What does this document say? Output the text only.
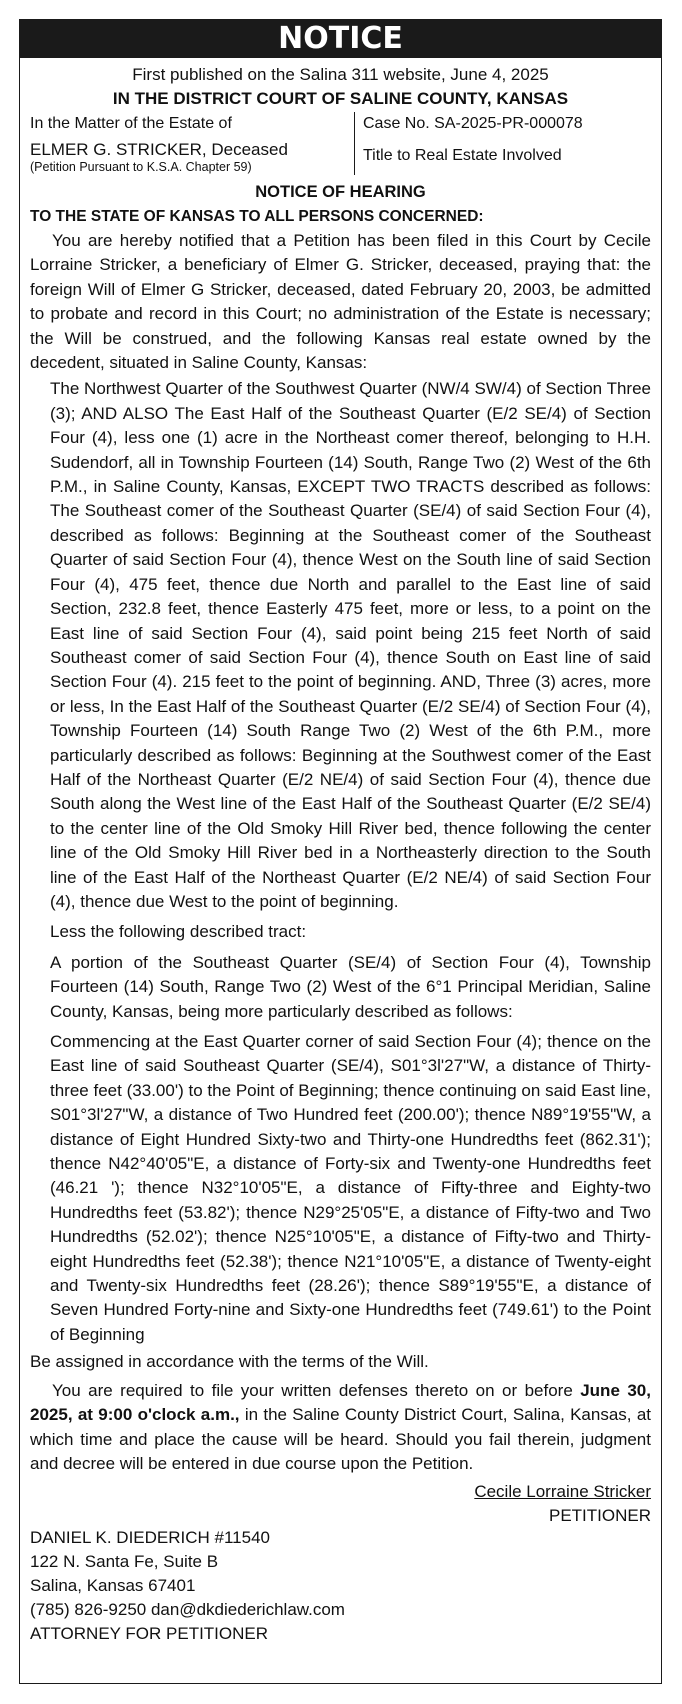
NOTICE
First published on the Salina 311 website, June 4, 2025
IN THE DISTRICT COURT OF SALINE COUNTY, KANSAS
In the Matter of the Estate of
ELMER G. STRICKER, Deceased
(Petition Pursuant to K.S.A. Chapter 59)
Case No. SA-2025-PR-000078
Title to Real Estate Involved
NOTICE OF HEARING
TO THE STATE OF KANSAS TO ALL PERSONS CONCERNED:

You are hereby notified that a Petition has been filed in this Court by Cecile Lorraine Stricker, a beneficiary of Elmer G. Stricker, deceased, praying that: the foreign Will of Elmer G Stricker, deceased, dated February 20, 2003, be admitted to probate and record in this Court; no administration of the Estate is necessary; the Will be construed, and the following Kansas real estate owned by the decedent, situated in Saline County, Kansas:

The Northwest Quarter of the Southwest Quarter (NW/4 SW/4) of Section Three (3); AND ALSO The East Half of the Southeast Quarter (E/2 SE/4) of Section Four (4), less one (1) acre in the Northeast comer thereof, belonging to H.H. Sudendorf, all in Township Fourteen (14) South, Range Two (2) West of the 6th P.M., in Saline County, Kansas, EXCEPT TWO TRACTS described as follows: The Southeast comer of the Southeast Quarter (SE/4) of said Section Four (4), described as follows: Beginning at the Southeast comer of the Southeast Quarter of said Section Four (4), thence West on the South line of said Section Four (4), 475 feet, thence due North and parallel to the East line of said Section, 232.8 feet, thence Easterly 475 feet, more or less, to a point on the East line of said Section Four (4), said point being 215 feet North of said Southeast comer of said Section Four (4), thence South on East line of said Section Four (4). 215 feet to the point of beginning. AND, Three (3) acres, more or less, In the East Half of the Southeast Quarter (E/2 SE/4) of Section Four (4), Township Fourteen (14) South Range Two (2) West of the 6th P.M., more particularly described as follows: Beginning at the Southwest comer of the East Half of the Northeast Quarter (E/2 NE/4) of said Section Four (4), thence due South along the West line of the East Half of the Southeast Quarter (E/2 SE/4) to the center line of the Old Smoky Hill River bed, thence following the center line of the Old Smoky Hill River bed in a Northeasterly direction to the South line of the East Half of the Northeast Quarter (E/2 NE/4) of said Section Four (4), thence due West to the point of beginning.

Less the following described tract:

A portion of the Southeast Quarter (SE/4) of Section Four (4), Township Fourteen (14) South, Range Two (2) West of the 6°1 Principal Meridian, Saline County, Kansas, being more particularly described as follows:

Commencing at the East Quarter corner of said Section Four (4); thence on the East line of said Southeast Quarter (SE/4), S01°3l'27"W, a distance of Thirty-three feet (33.00') to the Point of Beginning; thence continuing on said East line, S01°3l'27"W, a distance of Two Hundred feet (200.00'); thence N89°19'55"W, a distance of Eight Hundred Sixty-two and Thirty-one Hundredths feet (862.31'); thence N42°40'05"E, a distance of Forty-six and Twenty-one Hundredths feet (46.21 '); thence N32°10'05"E, a distance of Fifty-three and Eighty-two Hundredths feet (53.82'); thence N29°25'05"E, a distance of Fifty-two and Two Hundredths (52.02'); thence N25°10'05"E, a distance of Fifty-two and Thirty-eight Hundredths feet (52.38'); thence N21°10'05"E, a distance of Twenty-eight and Twenty-six Hundredths feet (28.26'); thence S89°19'55"E, a distance of Seven Hundred Forty-nine and Sixty-one Hundredths feet (749.61') to the Point of Beginning

Be assigned in accordance with the terms of the Will.

You are required to file your written defenses thereto on or before June 30, 2025, at 9:00 o'clock a.m., in the Saline County District Court, Salina, Kansas, at which time and place the cause will be heard. Should you fail therein, judgment and decree will be entered in due course upon the Petition.

Cecile Lorraine Stricker
PETITIONER
DANIEL K. DIEDERICH #11540
122 N. Santa Fe, Suite B
Salina, Kansas 67401
(785) 826-9250 dan@dkdiederichlaw.com
ATTORNEY FOR PETITIONER
